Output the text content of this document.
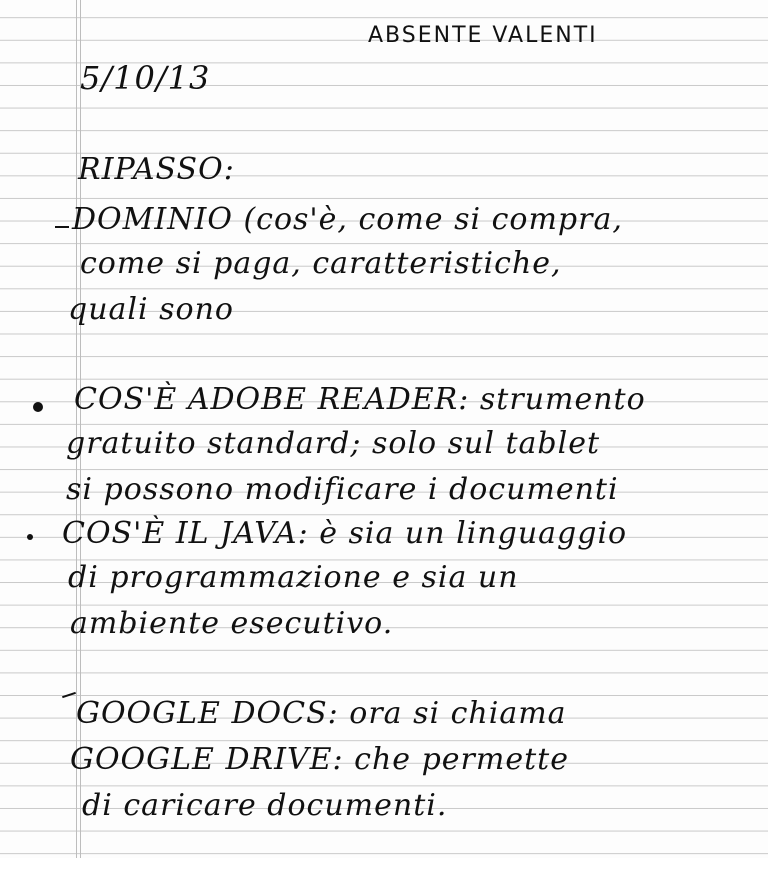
ABSENTE VALENTI
5/10/13
RIPASSO:
DOMINIO (cos'è, come si compra,
come si paga, caratteristiche,
quali sono
COS'È ADOBE READER: strumento
gratuito standard; solo sul tablet
si possono modificare i documenti
COS'È IL JAVA: è sia un linguaggio
di programmazione e sia un
ambiente esecutivo.
GOOGLE DOCS: ora si chiama
GOOGLE DRIVE: che permette
di caricare documenti.
